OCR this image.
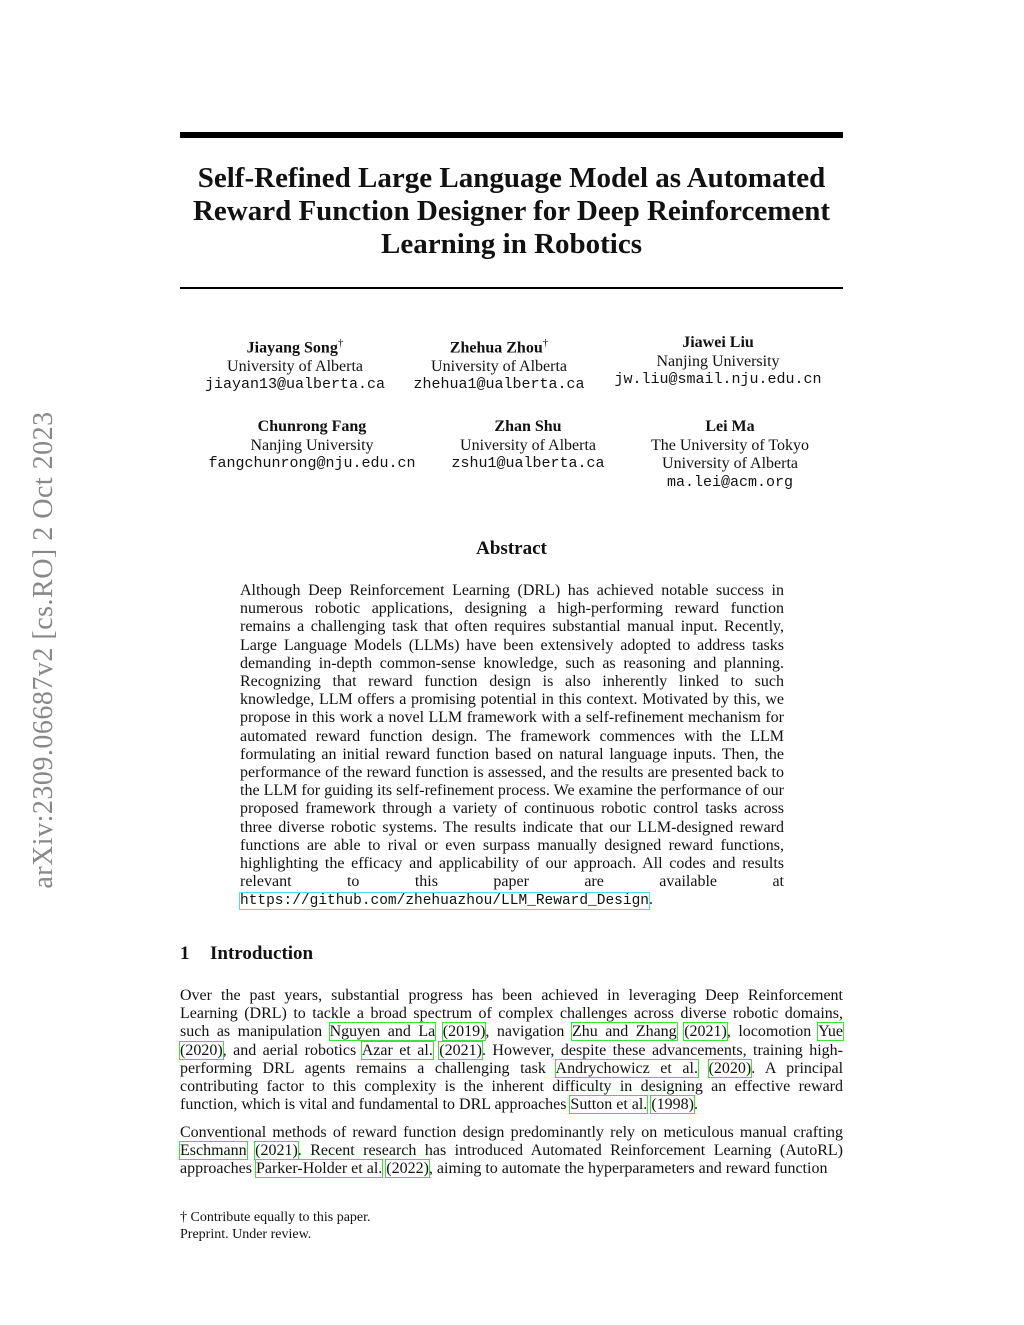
arXiv:2309.06687v2 [cs.RO] 2 Oct 2023
Self-Refined Large Language Model as Automated Reward Function Designer for Deep Reinforcement Learning in Robotics
Jiayang Song†
University of Alberta
jiayan13@ualberta.ca
Zhehua Zhou†
University of Alberta
zhehua1@ualberta.ca
Jiawei Liu
Nanjing University
jw.liu@smail.nju.edu.cn
Chunrong Fang
Nanjing University
fangchunrong@nju.edu.cn
Zhan Shu
University of Alberta
zshu1@ualberta.ca
Lei Ma
The University of Tokyo
University of Alberta
ma.lei@acm.org
Abstract
Although Deep Reinforcement Learning (DRL) has achieved notable success in numerous robotic applications, designing a high-performing reward function remains a challenging task that often requires substantial manual input. Recently, Large Language Models (LLMs) have been extensively adopted to address tasks demanding in-depth common-sense knowledge, such as reasoning and planning. Recognizing that reward function design is also inherently linked to such knowledge, LLM offers a promising potential in this context. Motivated by this, we propose in this work a novel LLM framework with a self-refinement mechanism for automated reward function design. The framework commences with the LLM formulating an initial reward function based on natural language inputs. Then, the performance of the reward function is assessed, and the results are presented back to the LLM for guiding its self-refinement process. We examine the performance of our proposed framework through a variety of continuous robotic control tasks across three diverse robotic systems. The results indicate that our LLM-designed reward functions are able to rival or even surpass manually designed reward functions, highlighting the efficacy and applicability of our approach. All codes and results relevant to this paper are available at https://github.com/zhehuazhou/LLM_Reward_Design.
1 Introduction
Over the past years, substantial progress has been achieved in leveraging Deep Reinforcement Learning (DRL) to tackle a broad spectrum of complex challenges across diverse robotic domains, such as manipulation Nguyen and La (2019), navigation Zhu and Zhang (2021), locomotion Yue (2020), and aerial robotics Azar et al. (2021). However, despite these advancements, training high-performing DRL agents remains a challenging task Andrychowicz et al. (2020). A principal contributing factor to this complexity is the inherent difficulty in designing an effective reward function, which is vital and fundamental to DRL approaches Sutton et al. (1998).
Conventional methods of reward function design predominantly rely on meticulous manual crafting Eschmann (2021). Recent research has introduced Automated Reinforcement Learning (AutoRL) approaches Parker-Holder et al. (2022), aiming to automate the hyperparameters and reward function
† Contribute equally to this paper.
Preprint. Under review.
